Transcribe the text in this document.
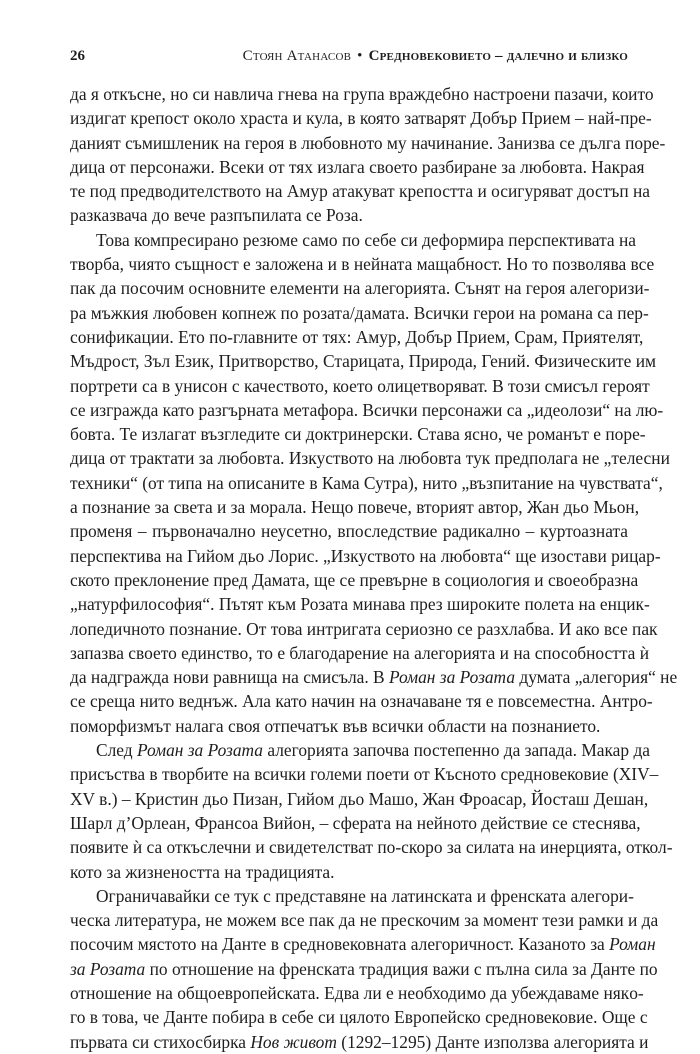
26	Стоян Атанасов • Средновековието – далечно и близко
да я откъсне, но си навлича гнева на група враждебно настроени пазачи, които
издигат крепост около храста и кула, в която затварят Добър Прием – най-пре-
даният съмишленик на героя в любовното му начинание. Занизва се дълга поре-
дица от персонажи. Всеки от тях излага своето разбиране за любовта. Накрая
те под предводителството на Амур атакуват крепостта и осигуряват достъп на
разказвача до вече разпъпилата се Роза.
Това компресирано резюме само по себе си деформира перспективата на
творба, чиято същност е заложена и в нейната мащабност. Но то позволява все
пак да посочим основните елементи на алегорията. Сънят на героя алегоризи-
ра мъжкия любовен копнеж по розата/дамата. Всички герои на романа са пер-
сонификации. Ето по-главните от тях: Амур, Добър Прием, Срам, Приятелят,
Мъдрост, Зъл Език, Притворство, Старицата, Природа, Гений. Физическите им
портрети са в унисон с качеството, което олицетворяват. В този смисъл героят
се изгражда като разгърната метафора. Всички персонажи са „идеолози“ на лю-
бовта. Те излагат възгледите си доктринерски. Става ясно, че романът е поре-
дица от трактати за любовта. Изкуството на любовта тук предполага не „телесни
техники“ (от типа на описаните в Кама Сутра), нито „възпитание на чувствата“,
а познание за света и за морала. Нещо повече, вторият автор, Жан дьо Мьон,
променя – първоначално неусетно, впоследствие радикално – куртоазната
перспектива на Гийом дьо Лорис. „Изкуството на любовта“ ще изостави рицар-
ското преклонение пред Дамата, ще се превърне в социология и своеобразна
„натурфилософия“. Пътят към Розата минава през широките полета на енцик-
лопедичното познание. От това интригата сериозно се разхлабва. И ако все пак
запазва своето единство, то е благодарение на алегорията и на способността ѝ
да надгражда нови равнища на смисъла. В Роман за Розата думата „алегория“ не
се среща нито веднъж. Ала като начин на означаване тя е повсеместна. Антро-
поморфизмът налага своя отпечатък във всички области на познанието.
След Роман за Розата алегорията започва постепенно да запада. Макар да
присъства в творбите на всички големи поети от Късното средновековие (XIV–
XV в.) – Кристин дьо Пизан, Гийом дьо Машо, Жан Фроасар, Йосташ Дешан,
Шарл д’Орлеан, Франсоа Вийон, – сферата на нейното действие се стеснява,
появите ѝ са откъслечни и свидетелстват по-скоро за силата на инерцията, откол-
кото за жизнеността на традицията.
Ограничавайки се тук с представяне на латинската и френската алегори-
ческа литература, не можем все пак да не прескочим за момент тези рамки и да
посочим мястото на Данте в средновековната алегоричност. Казаното за Роман
за Розата по отношение на френската традиция важи с пълна сила за Данте по
отношение на общоевропейската. Едва ли е необходимо да убеждаваме някo-
го в това, че Данте побира в себе си цялото Европейско средновековие. Още с
първата си стихосбирка Нов живот (1292–1295) Данте използва алегорията и
